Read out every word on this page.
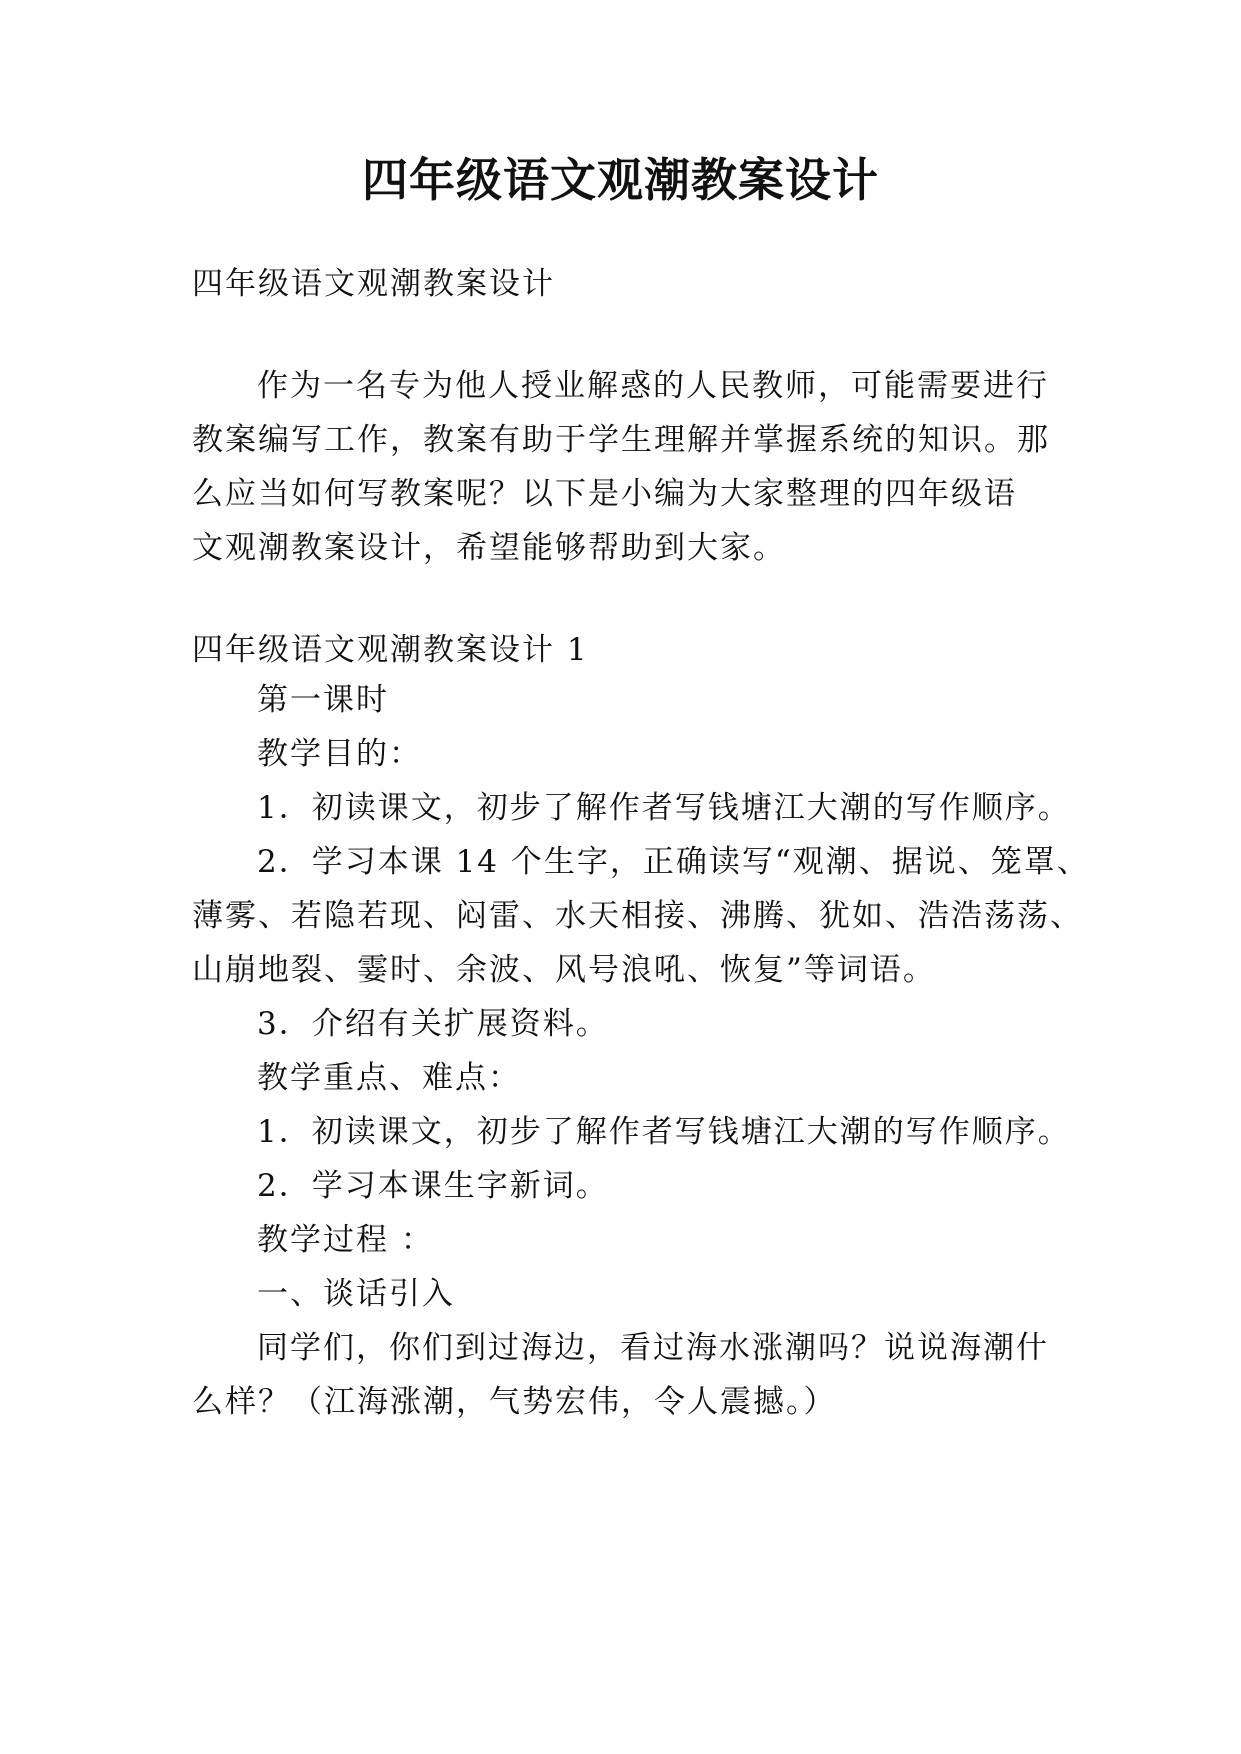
四年级语文观潮教案设计
四年级语文观潮教案设计
作为一名专为他人授业解惑的人民教师，可能需要进行
教案编写工作，教案有助于学生理解并掌握系统的知识。那
么应当如何写教案呢？以下是小编为大家整理的四年级语
文观潮教案设计，希望能够帮助到大家。
四年级语文观潮教案设计 1
第一课时
教学目的：
1．初读课文，初步了解作者写钱塘江大潮的写作顺序。
2．学习本课 14 个生字，正确读写“观潮、据说、笼罩、
薄雾、若隐若现、闷雷、水天相接、沸腾、犹如、浩浩荡荡、
山崩地裂、霎时、余波、风号浪吼、恢复”等词语。
3．介绍有关扩展资料。
教学重点、难点：
1．初读课文，初步了解作者写钱塘江大潮的写作顺序。
2．学习本课生字新词。
教学过程 ：
一、谈话引入
同学们，你们到过海边，看过海水涨潮吗？说说海潮什
么样？（江海涨潮，气势宏伟，令人震撼。）
